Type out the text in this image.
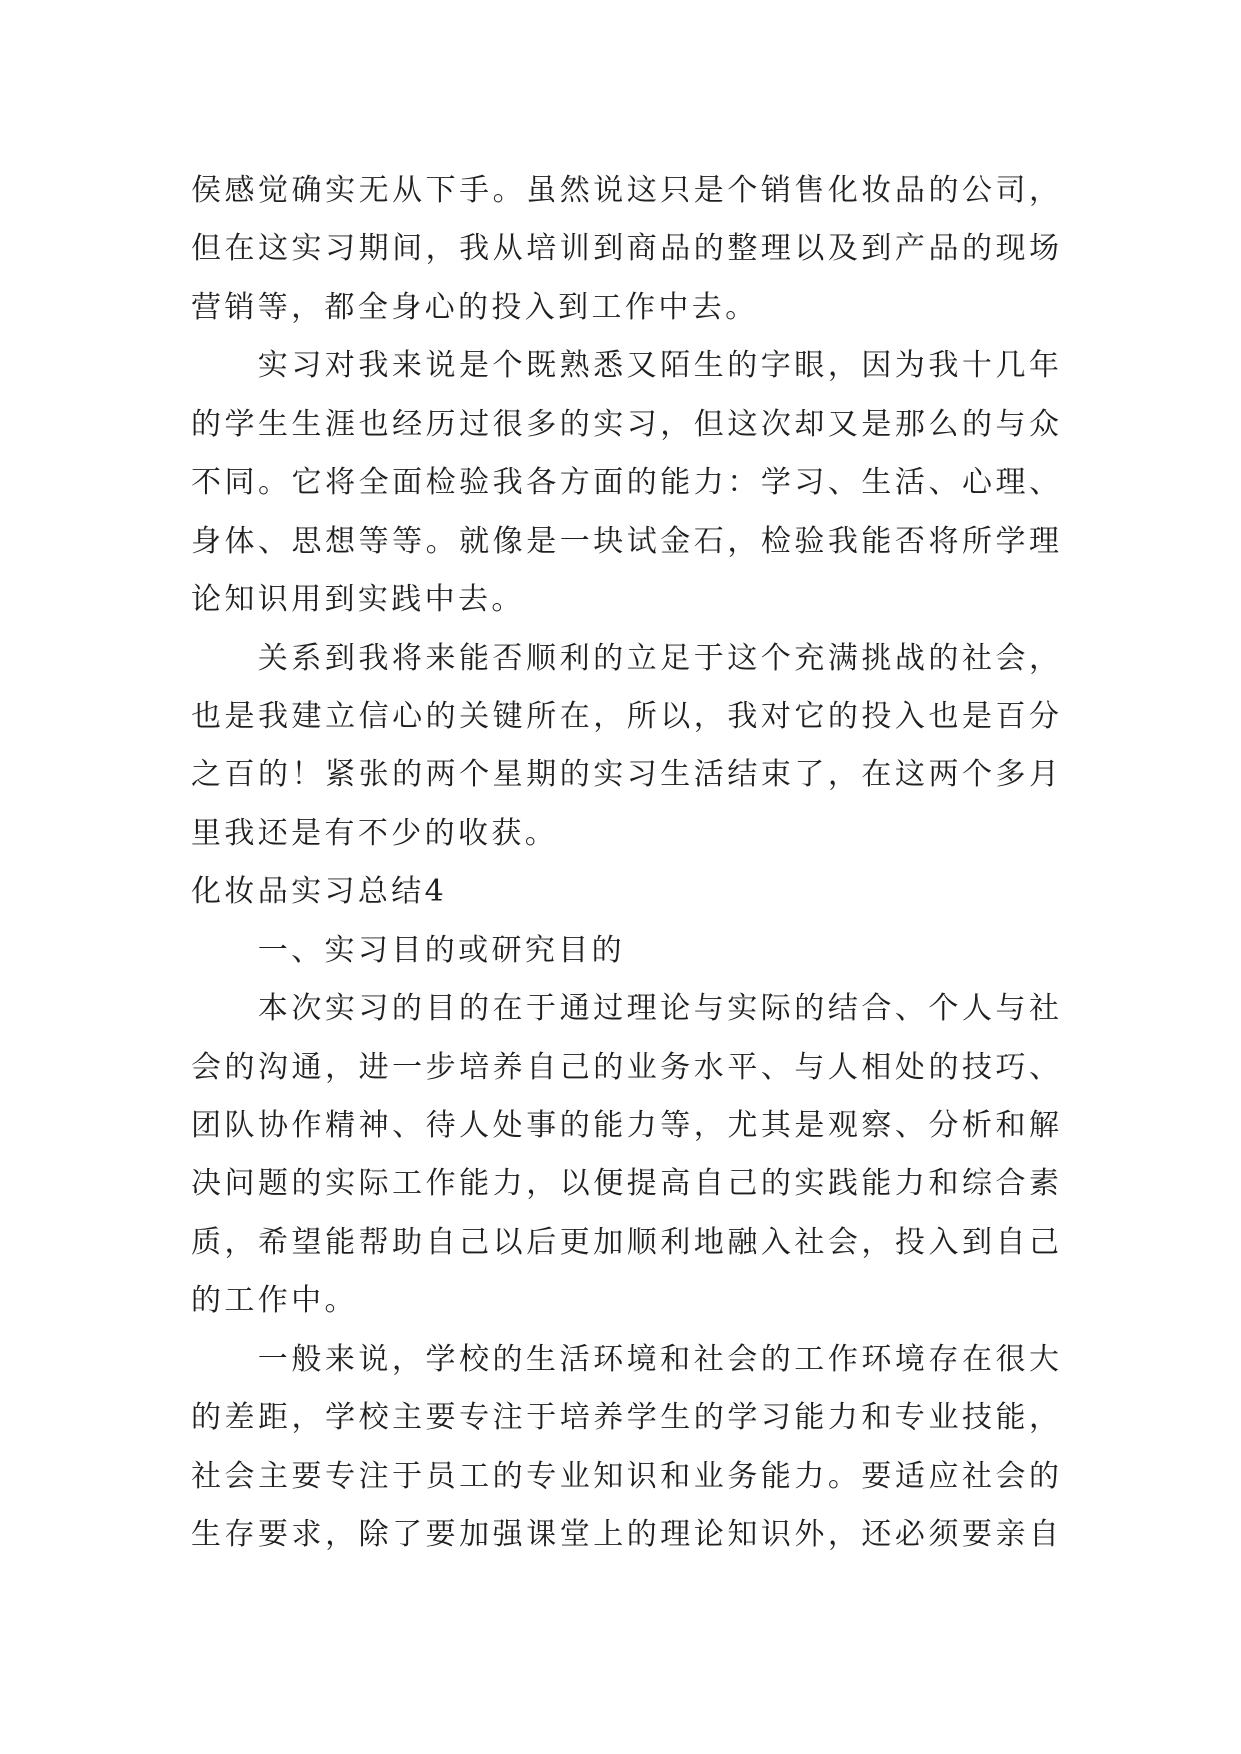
侯感觉确实无从下手。虽然说这只是个销售化妆品的公司，
但在这实习期间，我从培训到商品的整理以及到产品的现场
营销等，都全身心的投入到工作中去。
实习对我来说是个既熟悉又陌生的字眼，因为我十几年
的学生生涯也经历过很多的实习，但这次却又是那么的与众
不同。它将全面检验我各方面的能力：学习、生活、心理、
身体、思想等等。就像是一块试金石，检验我能否将所学理
论知识用到实践中去。
关系到我将来能否顺利的立足于这个充满挑战的社会，
也是我建立信心的关键所在，所以，我对它的投入也是百分
之百的！紧张的两个星期的实习生活结束了，在这两个多月
里我还是有不少的收获。
化妆品实习总结4
一、实习目的或研究目的
本次实习的目的在于通过理论与实际的结合、个人与社
会的沟通，进一步培养自己的业务水平、与人相处的技巧、
团队协作精神、待人处事的能力等，尤其是观察、分析和解
决问题的实际工作能力，以便提高自己的实践能力和综合素
质，希望能帮助自己以后更加顺利地融入社会，投入到自己
的工作中。
一般来说，学校的生活环境和社会的工作环境存在很大
的差距，学校主要专注于培养学生的学习能力和专业技能，
社会主要专注于员工的专业知识和业务能力。要适应社会的
生存要求，除了要加强课堂上的理论知识外，还必须要亲自
